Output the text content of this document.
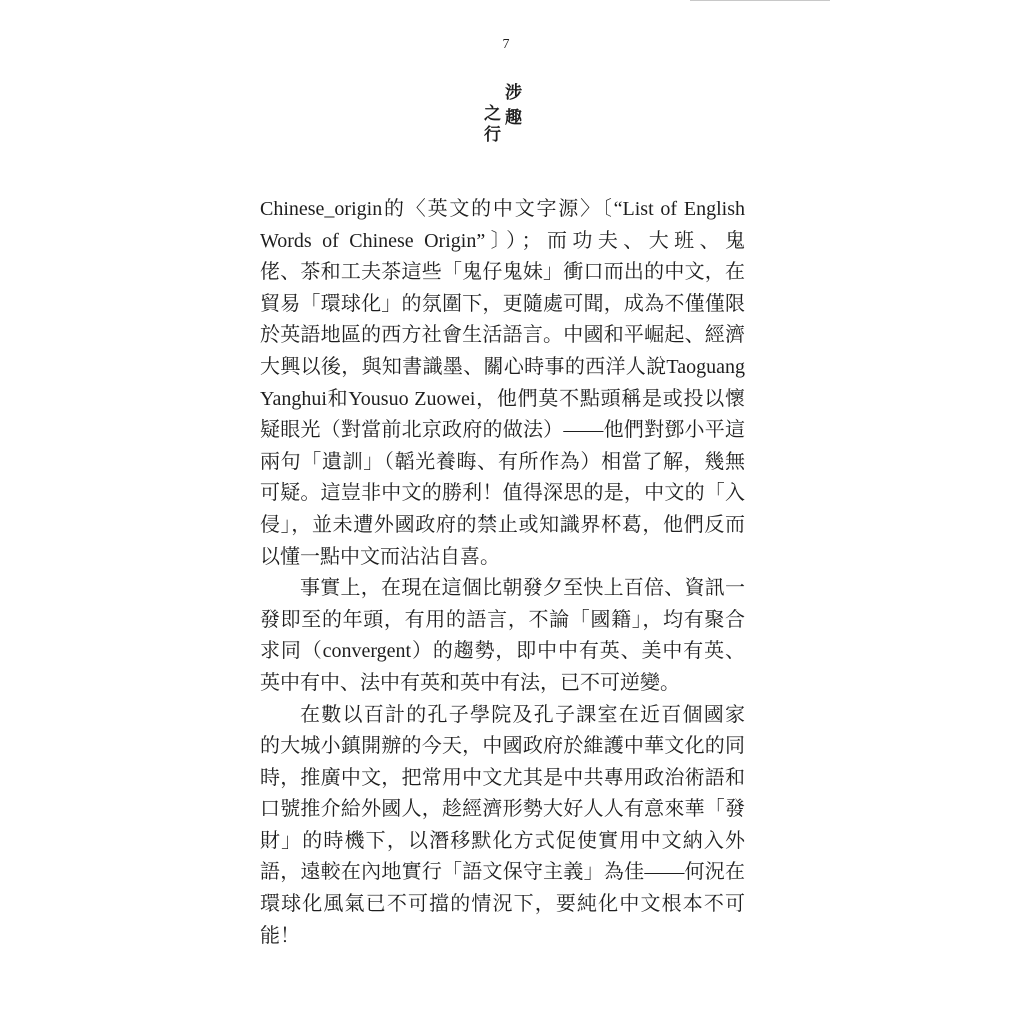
7
涉趣
之行
Chinese_origin的〈英文的中文字源〉〔“List of English
Words of Chinese Origin”〕）；而功夫、大班、鬼
佬、茶和工夫茶這些「鬼仔鬼妹」衝口而出的中文，在
貿易「環球化」的氛圍下，更隨處可聞，成為不僅僅限
於英語地區的西方社會生活語言。中國和平崛起、經濟
大興以後，與知書識墨、關心時事的西洋人說Taoguang
Yanghui和Yousuo Zuowei，他們莫不點頭稱是或投以懷
疑眼光（對當前北京政府的做法）——他們對鄧小平這
兩句「遺訓」（韜光養晦、有所作為）相當了解，幾無
可疑。這豈非中文的勝利！值得深思的是，中文的「入
侵」，並未遭外國政府的禁止或知識界杯葛，他們反而
以懂一點中文而沾沾自喜。
事實上，在現在這個比朝發夕至快上百倍、資訊一
發即至的年頭，有用的語言，不論「國籍」，均有聚合
求同（convergent）的趨勢，即中中有英、美中有英、
英中有中、法中有英和英中有法，已不可逆變。
在數以百計的孔子學院及孔子課室在近百個國家
的大城小鎮開辦的今天，中國政府於維護中華文化的同
時，推廣中文，把常用中文尤其是中共專用政治術語和
口號推介給外國人，趁經濟形勢大好人人有意來華「發
財」的時機下，以潛移默化方式促使實用中文納入外
語，遠較在內地實行「語文保守主義」為佳——何況在
環球化風氣已不可擋的情況下，要純化中文根本不可
能！
